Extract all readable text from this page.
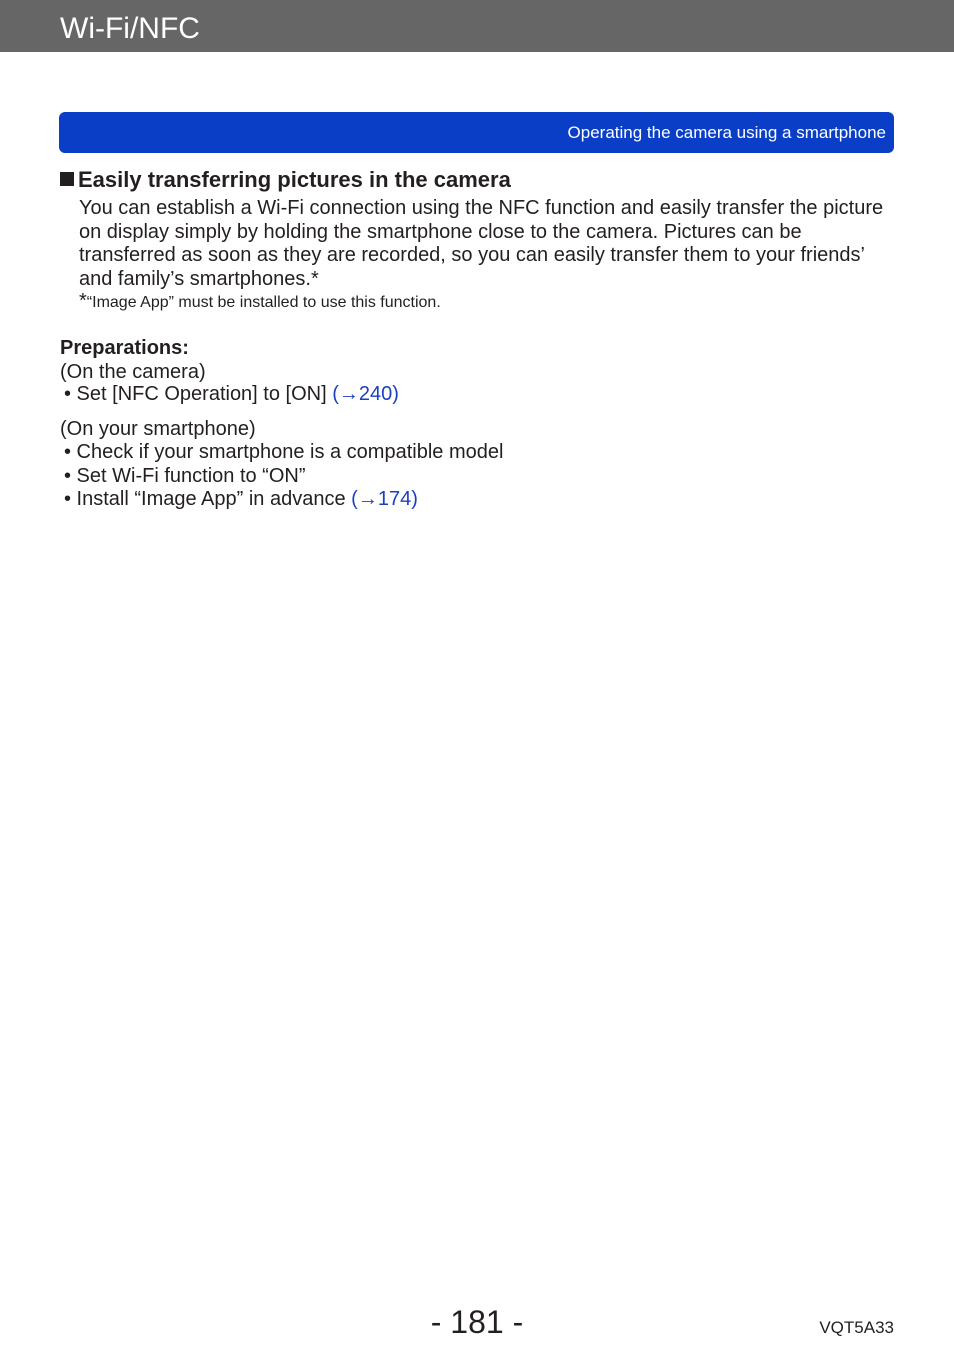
Wi-Fi/NFC
Operating the camera using a smartphone
Easily transferring pictures in the camera

You can establish a Wi-Fi connection using the NFC function and easily transfer the picture on display simply by holding the smartphone close to the camera. Pictures can be transferred as soon as they are recorded, so you can easily transfer them to your friends’ and family’s smartphones.*

*“Image App” must be installed to use this function.
Preparations:
(On the camera)
• Set [NFC Operation] to [ON] (→240)
(On your smartphone)
• Check if your smartphone is a compatible model
• Set Wi-Fi function to “ON”
• Install “Image App” in advance (→174)
- 181 -	VQT5A33
